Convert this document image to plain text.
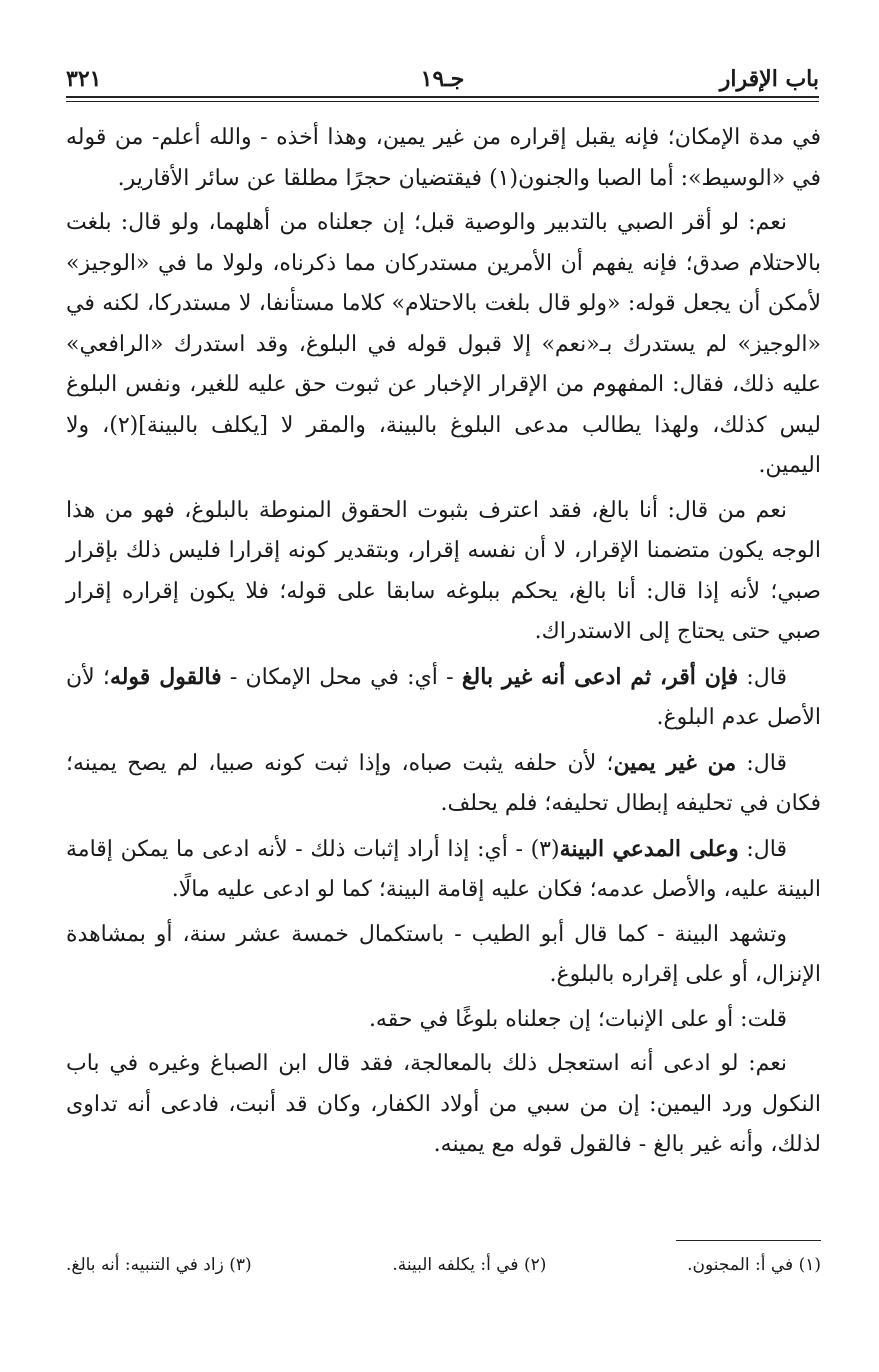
باب الإقرار
جـ١٩
٣٢١

في مدة الإمكان؛ فإنه يقبل إقراره من غير يمين، وهذا أخذه - والله أعلم- من قوله في «الوسيط»: أما الصبا والجنون(١) فيقتضيان حجرًا مطلقا عن سائر الأقارير.

نعم: لو أقر الصبي بالتدبير والوصية قبل؛ إن جعلناه من أهلهما، ولو قال: بلغت بالاحتلام صدق؛ فإنه يفهم أن الأمرين مستدركان مما ذكرناه، ولولا ما في «الوجيز» لأمكن أن يجعل قوله: «ولو قال بلغت بالاحتلام» كلاما مستأنفا، لا مستدركا، لكنه في «الوجيز» لم يستدرك بـ«نعم» إلا قبول قوله في البلوغ، وقد استدرك «الرافعي» عليه ذلك، فقال: المفهوم من الإقرار الإخبار عن ثبوت حق عليه للغير، ونفس البلوغ ليس كذلك، ولهذا يطالب مدعى البلوغ بالبينة، والمقر لا [يكلف بالبينة](٢)، ولا اليمين.

نعم من قال: أنا بالغ، فقد اعترف بثبوت الحقوق المنوطة بالبلوغ، فهو من هذا الوجه يكون متضمنا الإقرار، لا أن نفسه إقرار، وبتقدير كونه إقرارا فليس ذلك بإقرار صبي؛ لأنه إذا قال: أنا بالغ، يحكم ببلوغه سابقا على قوله؛ فلا يكون إقراره إقرار صبي حتى يحتاج إلى الاستدراك.

قال: فإن أقر، ثم ادعى أنه غير بالغ - أي: في محل الإمكان - فالقول قوله؛ لأن الأصل عدم البلوغ.

قال: من غير يمين؛ لأن حلفه يثبت صباه، وإذا ثبت كونه صبيا، لم يصح يمينه؛ فكان في تحليفه إبطال تحليفه؛ فلم يحلف.

قال: وعلى المدعي البينة(٣) - أي: إذا أراد إثبات ذلك - لأنه ادعى ما يمكن إقامة البينة عليه، والأصل عدمه؛ فكان عليه إقامة البينة؛ كما لو ادعى عليه مالًا.

وتشهد البينة - كما قال أبو الطيب - باستكمال خمسة عشر سنة، أو بمشاهدة الإنزال، أو على إقراره بالبلوغ.

قلت: أو على الإنبات؛ إن جعلناه بلوغًا في حقه.

نعم: لو ادعى أنه استعجل ذلك بالمعالجة، فقد قال ابن الصباغ وغيره في باب النكول ورد اليمين: إن من سبي من أولاد الكفار، وكان قد أنبت، فادعى أنه تداوى لذلك، وأنه غير بالغ - فالقول قوله مع يمينه.

(١) في أ: المجنون.
(٢) في أ: يكلفه البينة.
(٣) زاد في التنبيه: أنه بالغ.
